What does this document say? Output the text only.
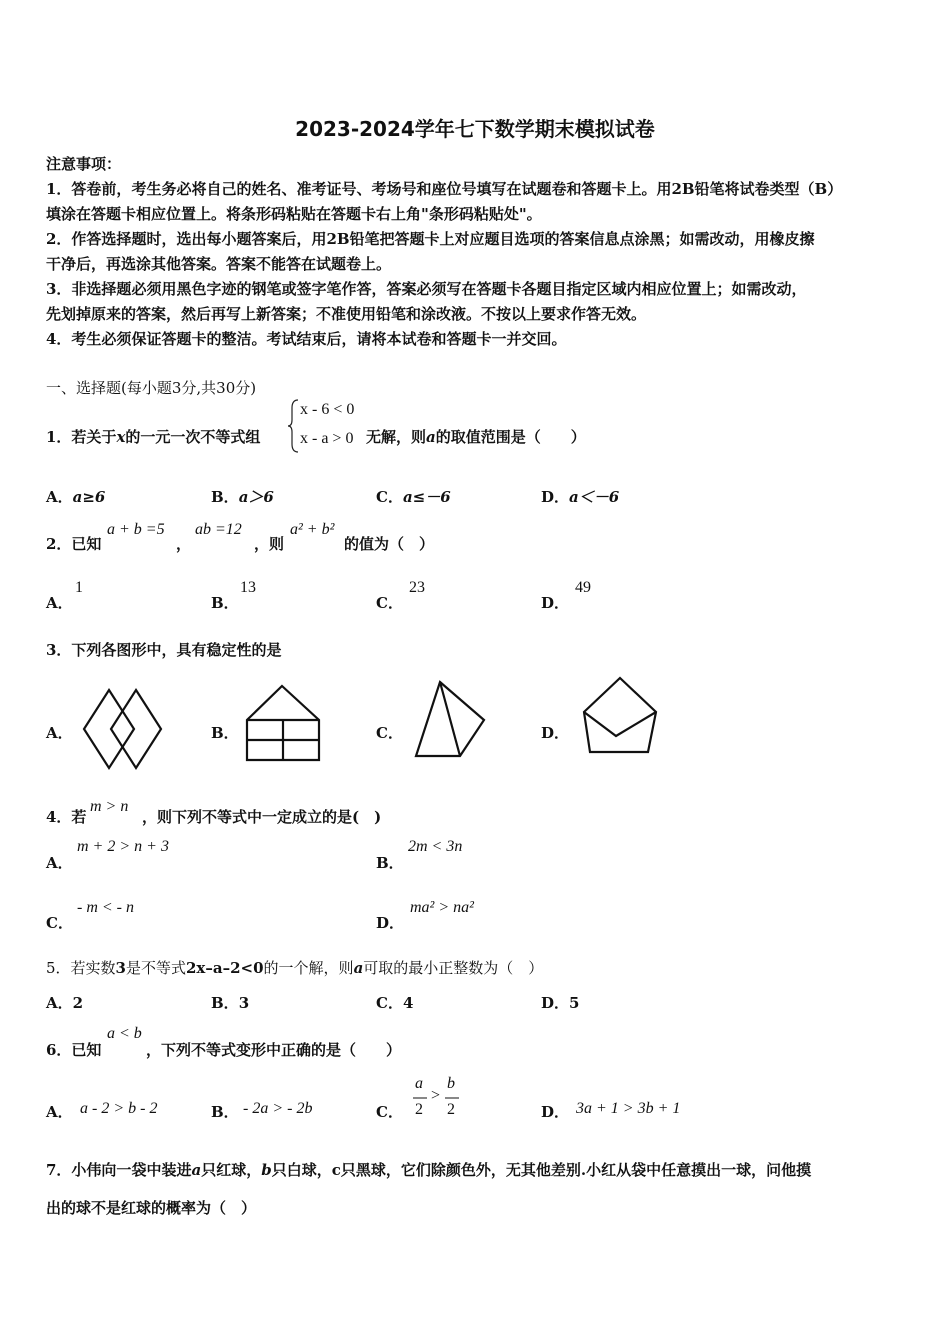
2023-2024学年七下数学期末模拟试卷
注意事项：
1．答卷前，考生务必将自己的姓名、准考证号、考场号和座位号填写在试题卷和答题卡上。用2B铅笔将试卷类型（B）
填涂在答题卡相应位置上。将条形码粘贴在答题卡右上角"条形码粘贴处"。
2．作答选择题时，选出每小题答案后，用2B铅笔把答题卡上对应题目选项的答案信息点涂黑；如需改动，用橡皮擦
干净后，再选涂其他答案。答案不能答在试题卷上。
3．非选择题必须用黑色字迹的钢笔或签字笔作答，答案必须写在答题卡各题目指定区域内相应位置上；如需改动，
先划掉原来的答案，然后再写上新答案；不准使用铅笔和涂改液。不按以上要求作答无效。
4．考生必须保证答题卡的整洁。考试结束后，请将本试卷和答题卡一并交回。
一、选择题(每小题3分,共30分)
1．若关于x的一元一次不等式组
x - 6 < 0
x - a > 0 无解，则a的取值范围是（　　）
A．a≥6	B．a＞6	C．a≤－6	D．a＜－6
2．已知
a + b =5
，
ab =12
，则
a² + b²
的值为（　）
A．
1
B．
13
C．
23
D．
49
3．下列各图形中，具有稳定性的是
A．	B．	C．	D．
4．若
m > n
，则下列不等式中一定成立的是(　)
A．
m + 2 > n + 3
B．
2m < 3n
C．
- m < - n
D．
ma² > na²
5．若实数3是不等式2x–a–2<0的一个解，则a可取的最小正整数为（　）
A．2	B．3	C．4	D．5
6．已知
a < b
，下列不等式变形中正确的是（　　）
A． a - 2 > b - 2	B． - 2a > - 2b	C．
a
2
>
b
2	D． 3a + 1 > 3b + 1
7．小伟向一袋中装进a只红球，b只白球，c只黑球，它们除颜色外，无其他差别.小红从袋中任意摸出一球，问他摸
出的球不是红球的概率为（　）
